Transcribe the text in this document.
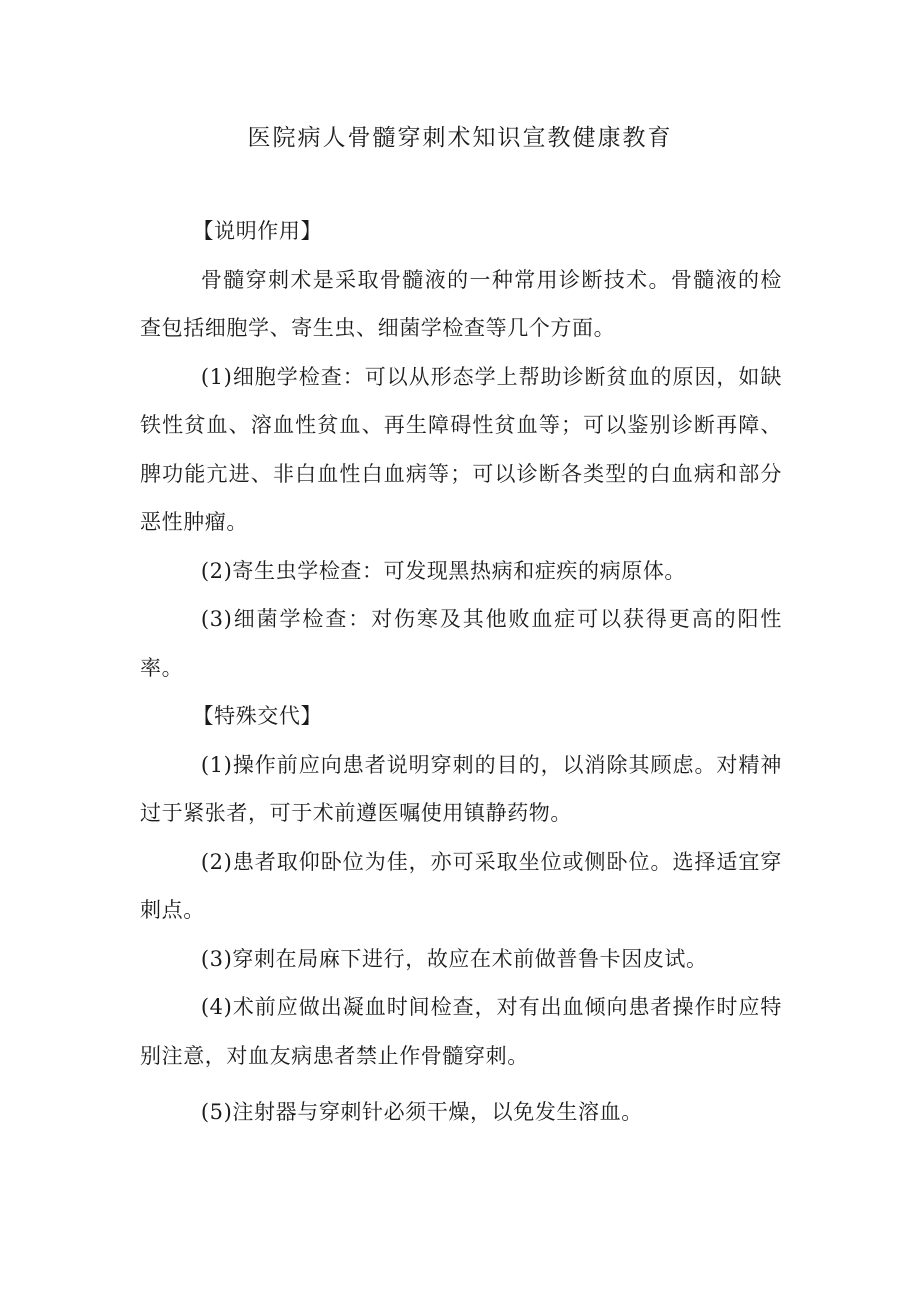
医院病人骨髓穿刺术知识宣教健康教育

【说明作用】

骨髓穿刺术是采取骨髓液的一种常用诊断技术。骨髓液的检查包括细胞学、寄生虫、细菌学检查等几个方面。

(1)细胞学检查：可以从形态学上帮助诊断贫血的原因，如缺铁性贫血、溶血性贫血、再生障碍性贫血等；可以鉴别诊断再障、脾功能亢进、非白血性白血病等；可以诊断各类型的白血病和部分恶性肿瘤。

(2)寄生虫学检查：可发现黑热病和症疾的病原体。

(3)细菌学检查：对伤寒及其他败血症可以获得更高的阳性率。

【特殊交代】

(1)操作前应向患者说明穿刺的目的，以消除其顾虑。对精神过于紧张者，可于术前遵医嘱使用镇静药物。

(2)患者取仰卧位为佳，亦可采取坐位或侧卧位。选择适宜穿刺点。

(3)穿刺在局麻下进行，故应在术前做普鲁卡因皮试。

(4)术前应做出凝血时间检查，对有出血倾向患者操作时应特别注意，对血友病患者禁止作骨髓穿刺。

(5)注射器与穿刺针必须干燥，以免发生溶血。
